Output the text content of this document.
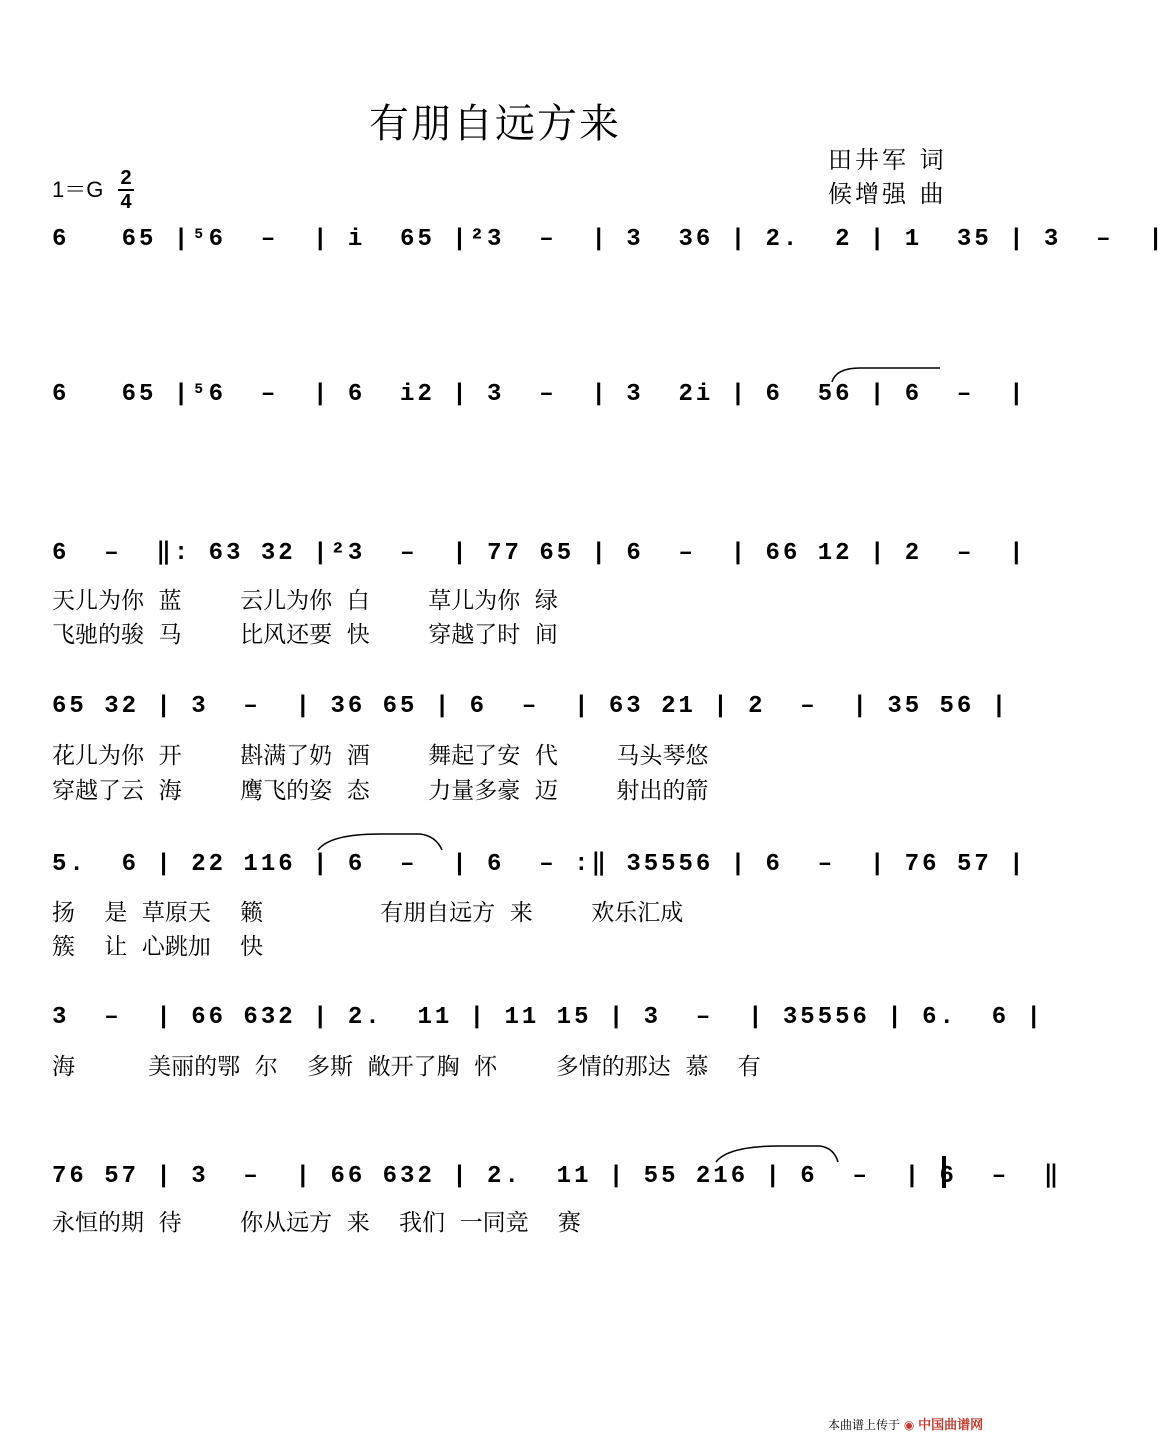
有朋自远方来
田井军 词
候增强 曲
1＝G 2
4
6   65 |⁵6  –  | i  65 |²3  –  | 3  36 | 2.  2 | 1  35 | 3  –  |
6   65 |⁵6  –  | 6  i2 | 3  –  | 3  2i | 6  56 | 6  –  |
6  –  ‖: 63 32 |²3  –  | 77 65 | 6  –  | 66 12 | 2  –  |
天儿为你  蓝        云儿为你  白        草儿为你  绿
飞驰的骏  马        比风还要  快        穿越了时  间
65 32 | 3  –  | 36 65 | 6  –  | 63 21 | 2  –  | 35 56 |
花儿为你  开        斟满了奶  酒        舞起了安  代        马头琴悠
穿越了云  海        鹰飞的姿  态        力量多豪  迈        射出的箭
5.  6 | 22 116 | 6  –  | 6  – :‖ 35556 | 6  –  | 76 57 |
扬    是  草原天    籁                有朋自远方  来        欢乐汇成
簇    让  心跳加    快
3  –  | 66 632 | 2.  11 | 11 15 | 3  –  | 35556 | 6.  6 |
海          美丽的鄂  尔    多斯  敞开了胸  怀        多情的那达  慕    有
76 57 | 3  –  | 66 632 | 2.  11 | 55 216 | 6  –  | 6  –  ‖
永恒的期  待        你从远方  来    我们  一同竞    赛
本曲谱上传于 ◉ 中国曲谱网
